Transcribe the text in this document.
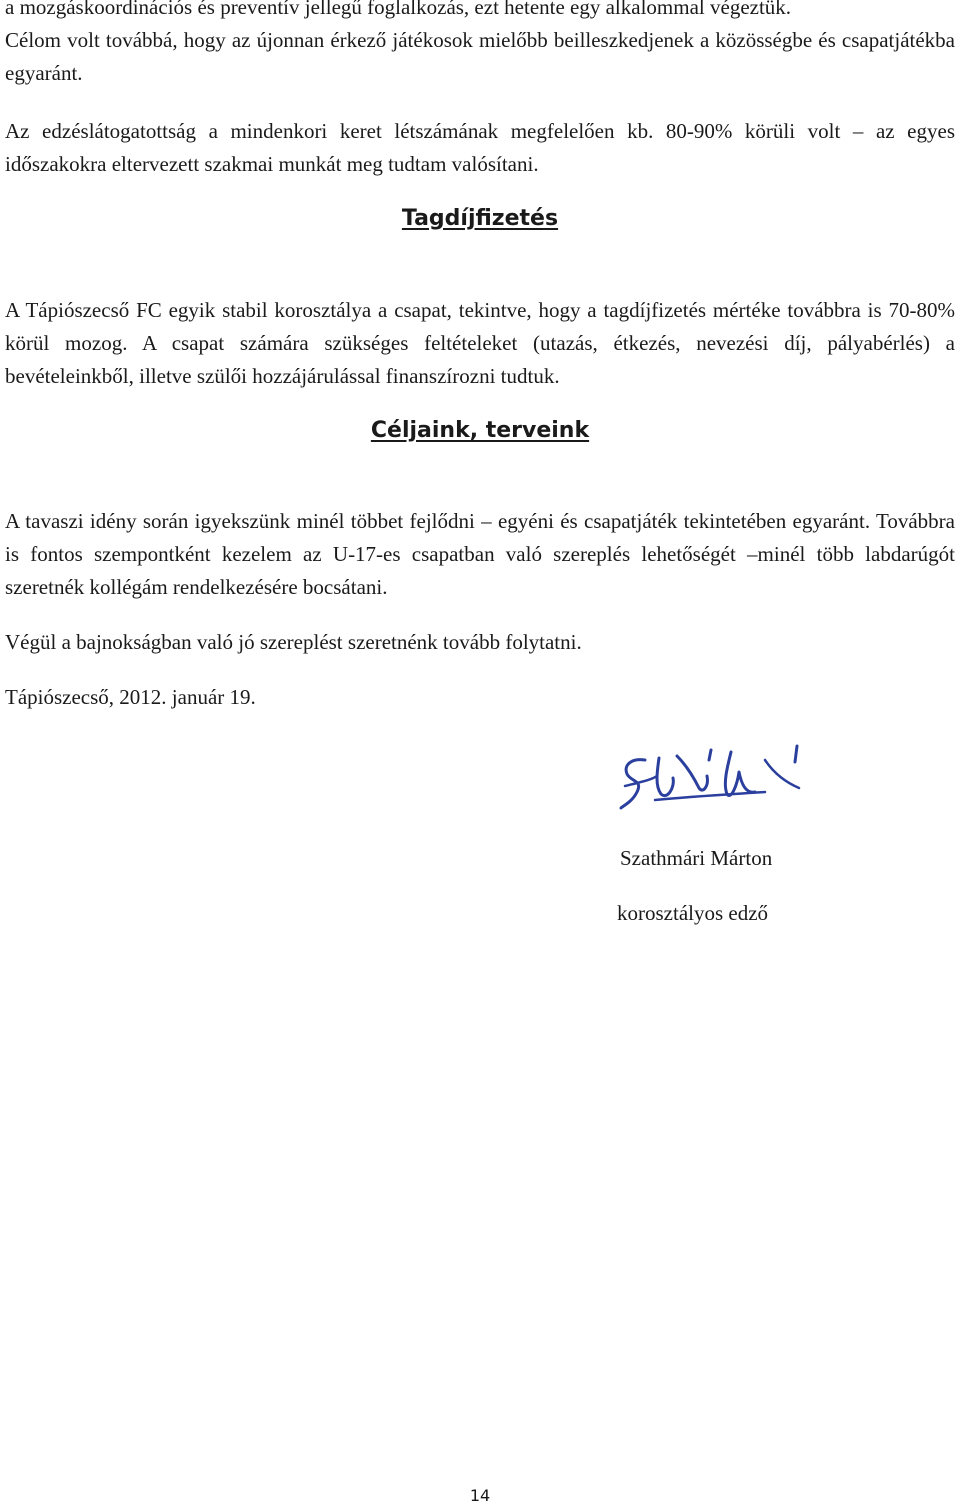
a mozgáskoordinációs és preventív jellegű foglalkozás, ezt hetente egy alkalommal végeztük.

Célom volt továbbá, hogy az újonnan érkező játékosok mielőbb beilleszkedjenek a közösségbe és csapatjátékba egyaránt.

Az edzéslátogatottság a mindenkori keret létszámának megfelelően kb. 80-90% körüli volt – az egyes időszakokra eltervezett szakmai munkát meg tudtam valósítani.

Tagdíjfizetés

A Tápiószecső FC egyik stabil korosztálya a csapat, tekintve, hogy a tagdíjfizetés mértéke továbbra is 70-80% körül mozog. A csapat számára szükséges feltételeket (utazás, étkezés, nevezési díj, pályabérlés) a bevételeinkből, illetve szülői hozzájárulással finanszírozni tudtuk.

Céljaink, terveink

A tavaszi idény során igyekszünk minél többet fejlődni – egyéni és csapatjáték tekintetében egyaránt. Továbbra is fontos szempontként kezelem az U-17-es csapatban való szereplés lehetőségét –minél több labdarúgót szeretnék kollégám rendelkezésére bocsátani.

Végül a bajnokságban való jó szereplést szeretnénk tovább folytatni.

Tápiószecső, 2012. január 19.

Szathmári Márton

korosztályos edző

14
